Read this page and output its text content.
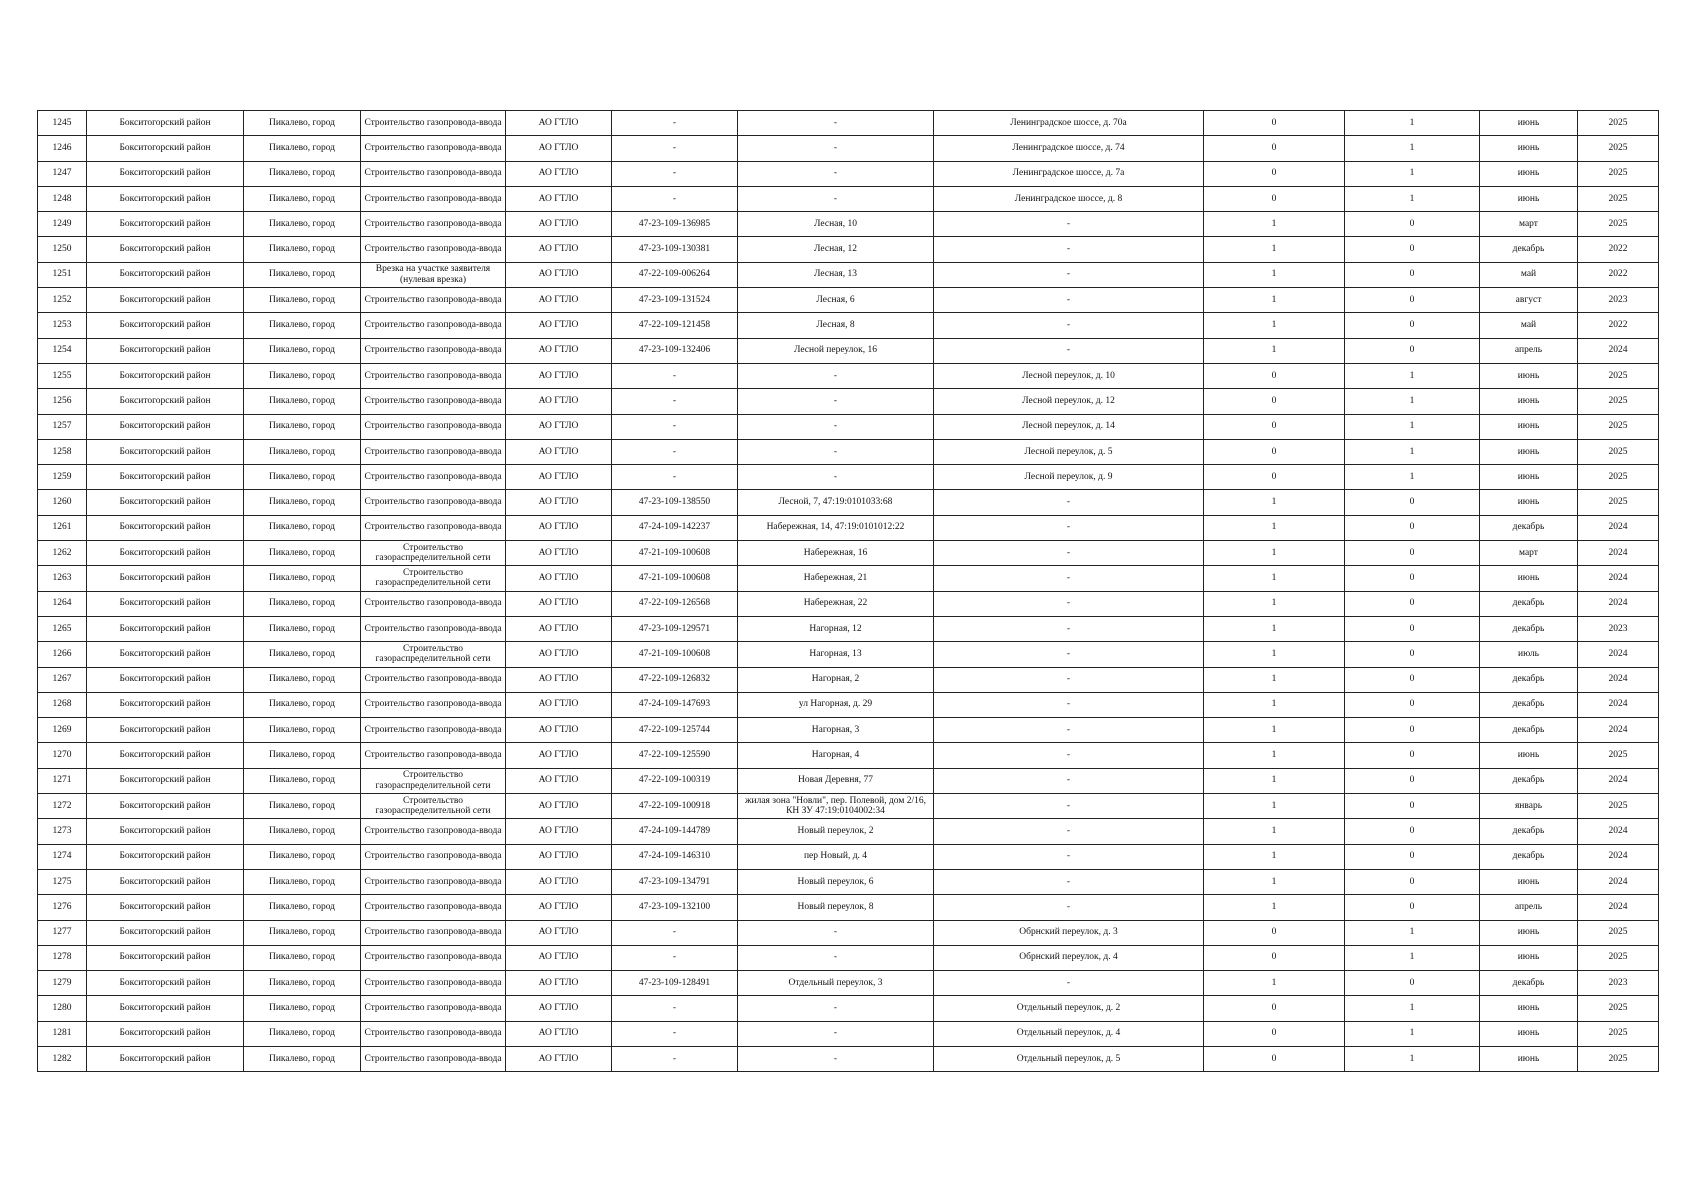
1245	Бокситогорский район	Пикалево, город	Строительство газопровода-ввода	АО ГТЛО	-	-	Ленинградское шоссе, д. 70а	0	1	июнь	2025
1246	Бокситогорский район	Пикалево, город	Строительство газопровода-ввода	АО ГТЛО	-	-	Ленинградское шоссе, д. 74	0	1	июнь	2025
1247	Бокситогорский район	Пикалево, город	Строительство газопровода-ввода	АО ГТЛО	-	-	Ленинградское шоссе, д. 7а	0	1	июнь	2025
1248	Бокситогорский район	Пикалево, город	Строительство газопровода-ввода	АО ГТЛО	-	-	Ленинградское шоссе, д. 8	0	1	июнь	2025
1249	Бокситогорский район	Пикалево, город	Строительство газопровода-ввода	АО ГТЛО	47-23-109-136985	Лесная, 10	-	1	0	март	2025
1250	Бокситогорский район	Пикалево, город	Строительство газопровода-ввода	АО ГТЛО	47-23-109-130381	Лесная, 12	-	1	0	декабрь	2022
1251	Бокситогорский район	Пикалево, город	Врезка на участке заявителя (нулевая врезка)	АО ГТЛО	47-22-109-006264	Лесная, 13	-	1	0	май	2022
1252	Бокситогорский район	Пикалево, город	Строительство газопровода-ввода	АО ГТЛО	47-23-109-131524	Лесная, 6	-	1	0	август	2023
1253	Бокситогорский район	Пикалево, город	Строительство газопровода-ввода	АО ГТЛО	47-22-109-121458	Лесная, 8	-	1	0	май	2022
1254	Бокситогорский район	Пикалево, город	Строительство газопровода-ввода	АО ГТЛО	47-23-109-132406	Лесной переулок, 16	-	1	0	апрель	2024
1255	Бокситогорский район	Пикалево, город	Строительство газопровода-ввода	АО ГТЛО	-	-	Лесной переулок, д. 10	0	1	июнь	2025
1256	Бокситогорский район	Пикалево, город	Строительство газопровода-ввода	АО ГТЛО	-	-	Лесной переулок, д. 12	0	1	июнь	2025
1257	Бокситогорский район	Пикалево, город	Строительство газопровода-ввода	АО ГТЛО	-	-	Лесной переулок, д. 14	0	1	июнь	2025
1258	Бокситогорский район	Пикалево, город	Строительство газопровода-ввода	АО ГТЛО	-	-	Лесной переулок, д. 5	0	1	июнь	2025
1259	Бокситогорский район	Пикалево, город	Строительство газопровода-ввода	АО ГТЛО	-	-	Лесной переулок, д. 9	0	1	июнь	2025
1260	Бокситогорский район	Пикалево, город	Строительство газопровода-ввода	АО ГТЛО	47-23-109-138550	Лесной, 7, 47:19:0101033:68	-	1	0	июнь	2025
1261	Бокситогорский район	Пикалево, город	Строительство газопровода-ввода	АО ГТЛО	47-24-109-142237	Набережная, 14, 47:19:0101012:22	-	1	0	декабрь	2024
1262	Бокситогорский район	Пикалево, город	Строительство газораспределительной сети	АО ГТЛО	47-21-109-100608	Набережная, 16	-	1	0	март	2024
1263	Бокситогорский район	Пикалево, город	Строительство газораспределительной сети	АО ГТЛО	47-21-109-100608	Набережная, 21	-	1	0	июнь	2024
1264	Бокситогорский район	Пикалево, город	Строительство газопровода-ввода	АО ГТЛО	47-22-109-126568	Набережная, 22	-	1	0	декабрь	2024
1265	Бокситогорский район	Пикалево, город	Строительство газопровода-ввода	АО ГТЛО	47-23-109-129571	Нагорная, 12	-	1	0	декабрь	2023
1266	Бокситогорский район	Пикалево, город	Строительство газораспределительной сети	АО ГТЛО	47-21-109-100608	Нагорная, 13	-	1	0	июль	2024
1267	Бокситогорский район	Пикалево, город	Строительство газопровода-ввода	АО ГТЛО	47-22-109-126832	Нагорная, 2	-	1	0	декабрь	2024
1268	Бокситогорский район	Пикалево, город	Строительство газопровода-ввода	АО ГТЛО	47-24-109-147693	ул Нагорная, д. 29	-	1	0	декабрь	2024
1269	Бокситогорский район	Пикалево, город	Строительство газопровода-ввода	АО ГТЛО	47-22-109-125744	Нагорная, 3	-	1	0	декабрь	2024
1270	Бокситогорский район	Пикалево, город	Строительство газопровода-ввода	АО ГТЛО	47-22-109-125590	Нагорная, 4	-	1	0	июнь	2025
1271	Бокситогорский район	Пикалево, город	Строительство газораспределительной сети	АО ГТЛО	47-22-109-100319	Новая Деревня, 77	-	1	0	декабрь	2024
1272	Бокситогорский район	Пикалево, город	Строительство газораспределительной сети	АО ГТЛО	47-22-109-100918	жилая зона "Новли", пер. Полевой, дом 2/16, КН ЗУ 47:19:0104002:34	-	1	0	январь	2025
1273	Бокситогорский район	Пикалево, город	Строительство газопровода-ввода	АО ГТЛО	47-24-109-144789	Новый переулок, 2	-	1	0	декабрь	2024
1274	Бокситогорский район	Пикалево, город	Строительство газопровода-ввода	АО ГТЛО	47-24-109-146310	пер Новый, д. 4	-	1	0	декабрь	2024
1275	Бокситогорский район	Пикалево, город	Строительство газопровода-ввода	АО ГТЛО	47-23-109-134791	Новый переулок, 6	-	1	0	июнь	2024
1276	Бокситогорский район	Пикалево, город	Строительство газопровода-ввода	АО ГТЛО	47-23-109-132100	Новый переулок, 8	-	1	0	апрель	2024
1277	Бокситогорский район	Пикалево, город	Строительство газопровода-ввода	АО ГТЛО	-	-	Обрнский переулок, д. 3	0	1	июнь	2025
1278	Бокситогорский район	Пикалево, город	Строительство газопровода-ввода	АО ГТЛО	-	-	Обрнский переулок, д. 4	0	1	июнь	2025
1279	Бокситогорский район	Пикалево, город	Строительство газопровода-ввода	АО ГТЛО	47-23-109-128491	Отдельный переулок, 3	-	1	0	декабрь	2023
1280	Бокситогорский район	Пикалево, город	Строительство газопровода-ввода	АО ГТЛО	-	-	Отдельный переулок, д. 2	0	1	июнь	2025
1281	Бокситогорский район	Пикалево, город	Строительство газопровода-ввода	АО ГТЛО	-	-	Отдельный переулок, д. 4	0	1	июнь	2025
1282	Бокситогорский район	Пикалево, город	Строительство газопровода-ввода	АО ГТЛО	-	-	Отдельный переулок, д. 5	0	1	июнь	2025
